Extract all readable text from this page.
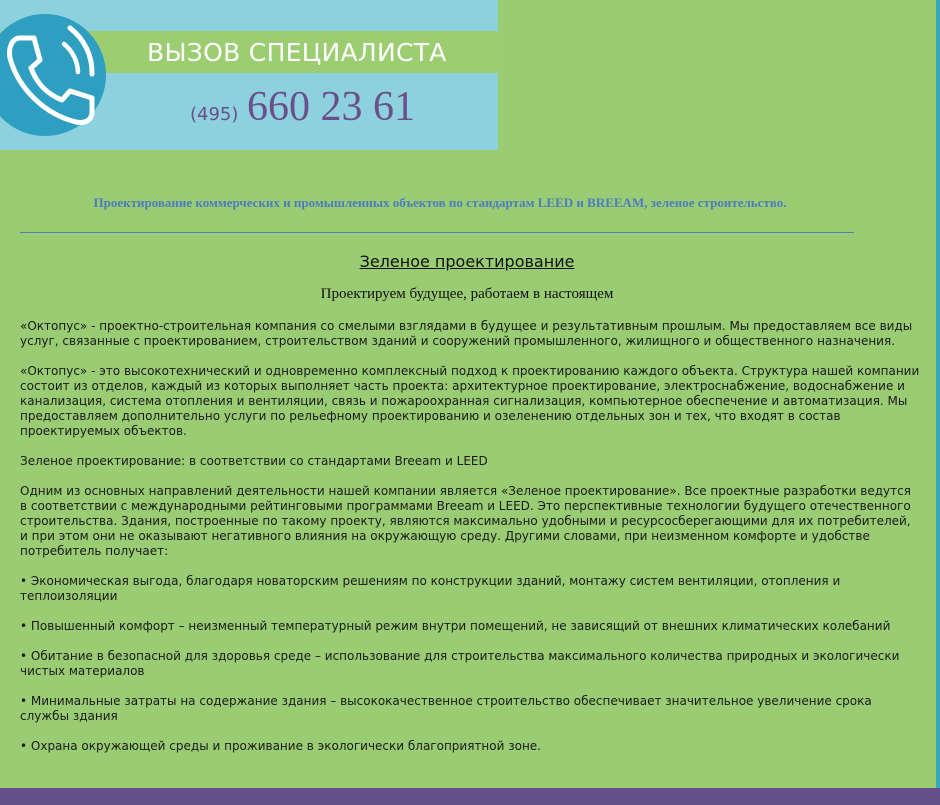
ВЫЗОВ СПЕЦИАЛИСТА
(495) 660 23 61
Проектирование коммерческих и промышленных объектов по стандартам LEED и BREEAM, зеленое строительство.
Зеленое проектирование
Проектируем будущее, работаем в настоящем

«Октопус» - проектно-строительная компания со смелыми взглядами в будущее и результативным прошлым. Мы предоставляем все виды услуг, связанные с проектированием, строительством зданий и сооружений промышленного, жилищного и общественного назначения.

«Октопус» - это высокотехнический и одновременно комплексный подход к проектированию каждого объекта. Структура нашей компании состоит из отделов, каждый из которых выполняет часть проекта: архитектурное проектирование, электроснабжение, водоснабжение и канализация, система отопления и вентиляции, связь и пожароохранная сигнализация, компьютерное обеспечение и автоматизация. Мы предоставляем дополнительно услуги по рельефному проектированию и озеленению отдельных зон и тех, что входят в состав проектируемых объектов.

Зеленое проектирование: в соответствии со стандартами Breeam и LEED

Одним из основных направлений деятельности нашей компании является «Зеленое проектирование». Все проектные разработки ведутся в соответствии с международными рейтинговыми программами Breeam и LEED. Это перспективные технологии будущего отечественного строительства. Здания, построенные по такому проекту, являются максимально удобными и ресурсосберегающими для их потребителей, и при этом они не оказывают негативного влияния на окружающую среду. Другими словами, при неизменном комфорте и удобстве потребитель получает:

• Экономическая выгода, благодаря новаторским решениям по конструкции зданий, монтажу систем вентиляции, отопления и теплоизоляции

• Повышенный комфорт – неизменный температурный режим внутри помещений, не зависящий от внешних климатических колебаний

• Обитание в безопасной для здоровья среде – использование для строительства максимального количества природных и экологически чистых материалов

• Минимальные затраты на содержание здания – высококачественное строительство обеспечивает значительное увеличение срока службы здания

• Охрана окружающей среды и проживание в экологически благоприятной зоне.
